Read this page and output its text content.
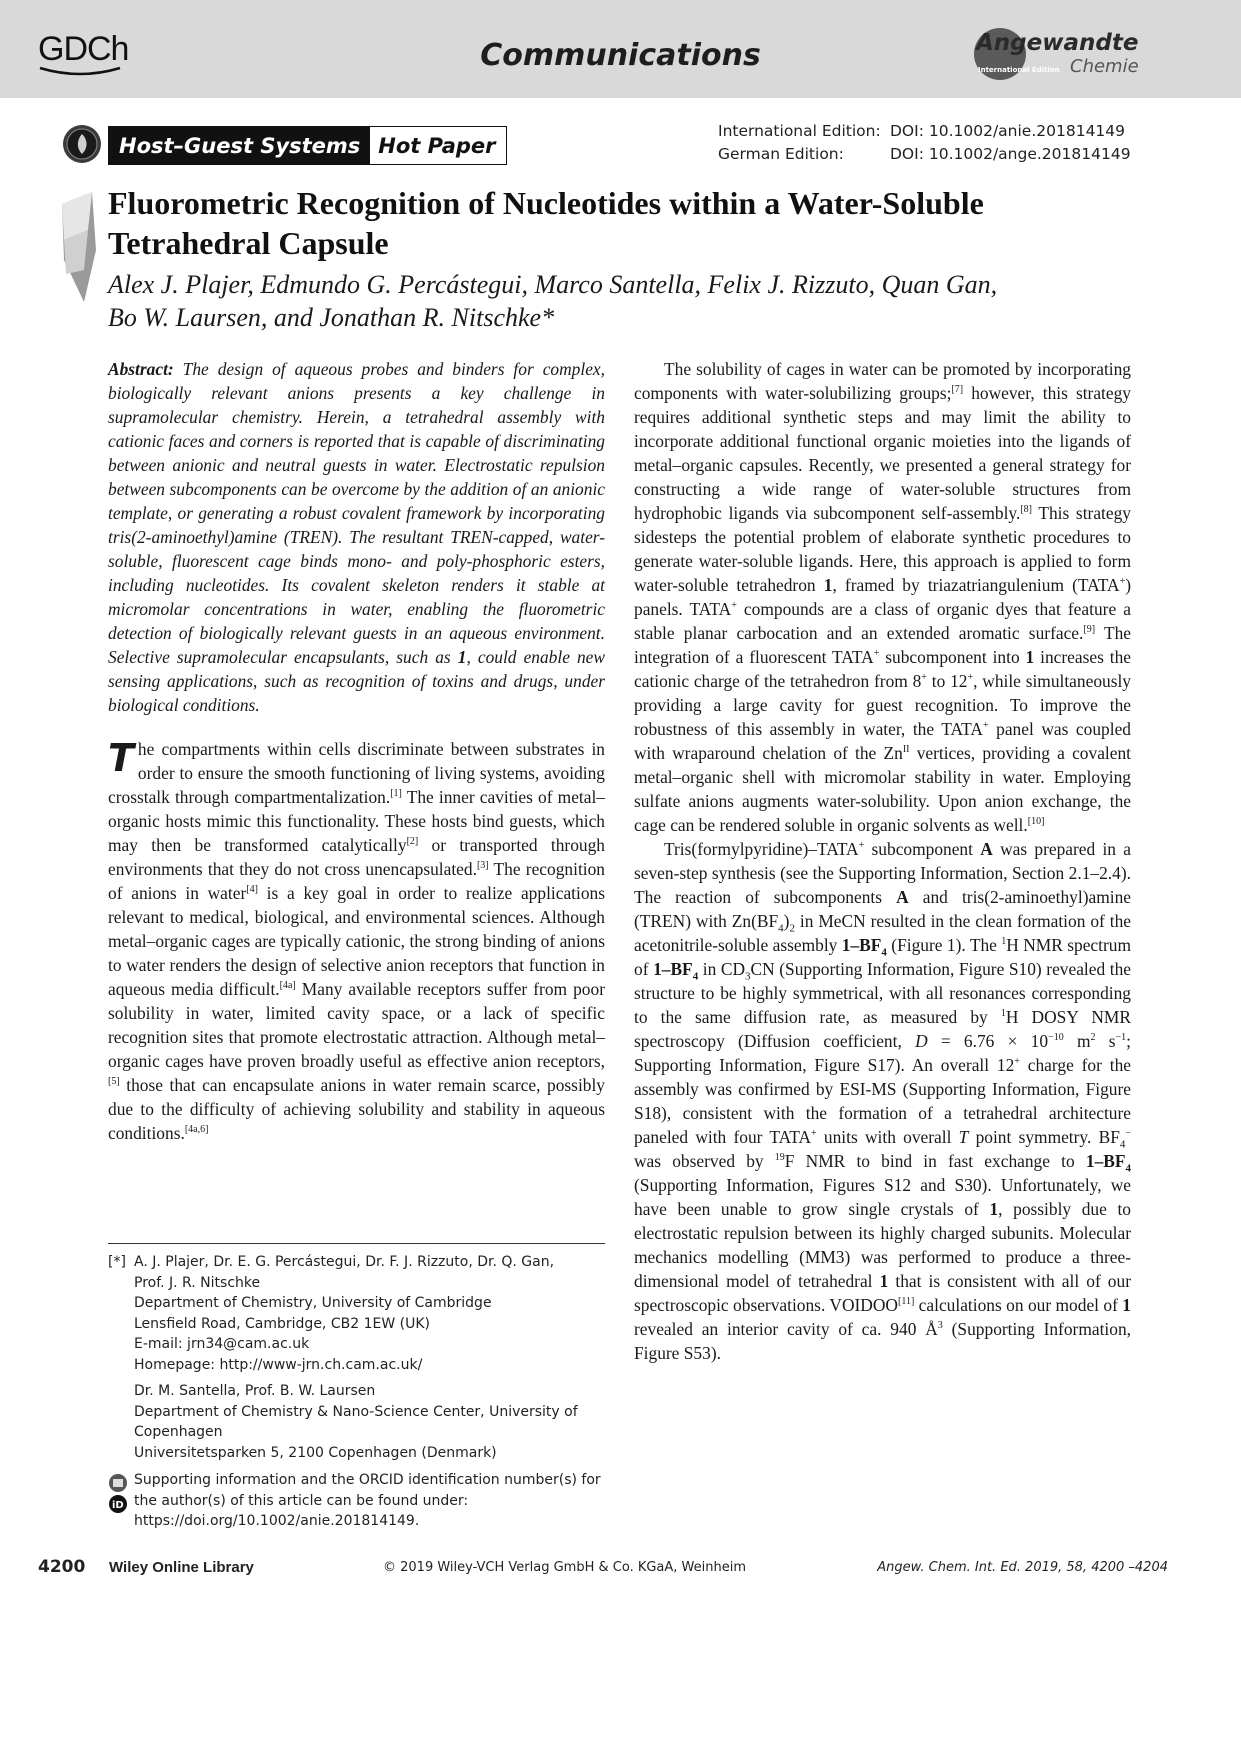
GDCh	Communications	Angewandte
International Edition Chemie
Host–Guest Systems Hot Paper
International Edition: DOI: 10.1002/anie.201814149
German Edition:	DOI: 10.1002/ange.201814149
Fluorometric Recognition of Nucleotides within a Water-Soluble Tetrahedral Capsule
Alex J. Plajer, Edmundo G. Percástegui, Marco Santella, Felix J. Rizzuto, Quan Gan,
Bo W. Laursen, and Jonathan R. Nitschke*

Abstract: The design of aqueous probes and binders for complex, biologically relevant anions presents a key challenge in supramolecular chemistry. Herein, a tetrahedral assembly with cationic faces and corners is reported that is capable of discriminating between anionic and neutral guests in water. Electrostatic repulsion between subcomponents can be overcome by the addition of an anionic template, or generating a robust covalent framework by incorporating tris(2-aminoethyl)amine (TREN). The resultant TREN-capped, water-soluble, fluorescent cage binds mono- and poly-phosphoric esters, including nucleotides. Its covalent skeleton renders it stable at micromolar concentrations in water, enabling the fluorometric detection of biologically relevant guests in an aqueous environment. Selective supramolecular encapsulants, such as 1, could enable new sensing applications, such as recognition of toxins and drugs, under biological conditions.

The compartments within cells discriminate between substrates in order to ensure the smooth functioning of living systems, avoiding crosstalk through compartmentalization.[1] The inner cavities of metal–organic hosts mimic this functionality. These hosts bind guests, which may then be transformed catalytically[2] or transported through environments that they do not cross unencapsulated.[3] The recognition of anions in water[4] is a key goal in order to realize applications relevant to medical, biological, and environmental sciences. Although metal–organic cages are typically cationic, the strong binding of anions to water renders the design of selective anion receptors that function in aqueous media difficult.[4a] Many available receptors suffer from poor solubility in water, limited cavity space, or a lack of specific recognition sites that promote electrostatic attraction. Although metal–organic cages have proven broadly useful as effective anion receptors,[5] those that can encapsulate anions in water remain scarce, possibly due to the difficulty of achieving solubility and stability in aqueous conditions.[4a,6]

[*] A. J. Plajer, Dr. E. G. Percástegui, Dr. F. J. Rizzuto, Dr. Q. Gan,
Prof. J. R. Nitschke
Department of Chemistry, University of Cambridge
Lensfield Road, Cambridge, CB2 1EW (UK)
E-mail: jrn34@cam.ac.uk
Homepage: http://www-jrn.ch.cam.ac.uk/
Dr. M. Santella, Prof. B. W. Laursen
Department of Chemistry & Nano-Science Center, University of
Copenhagen
Universitetsparken 5, 2100 Copenhagen (Denmark)
iD
Supporting information and the ORCID identification number(s) for
the author(s) of this article can be found under:
https://doi.org/10.1002/anie.201814149.

The solubility of cages in water can be promoted by incorporating components with water-solubilizing groups;[7] however, this strategy requires additional synthetic steps and may limit the ability to incorporate additional functional organic moieties into the ligands of metal–organic capsules. Recently, we presented a general strategy for constructing a wide range of water-soluble structures from hydrophobic ligands via subcomponent self-assembly.[8] This strategy sidesteps the potential problem of elaborate synthetic procedures to generate water-soluble ligands. Here, this approach is applied to form water-soluble tetrahedron 1, framed by triazatriangulenium (TATA+) panels. TATA+ compounds are a class of organic dyes that feature a stable planar carbocation and an extended aromatic surface.[9] The integration of a fluorescent TATA+ subcomponent into 1 increases the cationic charge of the tetrahedron from 8+ to 12+, while simultaneously providing a large cavity for guest recognition. To improve the robustness of this assembly in water, the TATA+ panel was coupled with wraparound chelation of the $Zn^{II}$ vertices, providing a covalent metal–organic shell with micromolar stability in water. Employing sulfate anions augments water-solubility. Upon anion exchange, the cage can be rendered soluble in organic solvents as well.[10]

Tris(formylpyridine)–TATA+ subcomponent A was prepared in a seven-step synthesis (see the Supporting Information, Section 2.1–2.4). The reaction of subcomponents A and tris(2-aminoethyl)amine (TREN) with $Zn(BF_4)_2$ in MeCN resulted in the clean formation of the acetonitrile-soluble assembly $1-BF_4$ (Figure 1). The $^1$H NMR spectrum of $1-BF_4$ in $CD_3CN$ (Supporting Information, Figure S10) revealed the structure to be highly symmetrical, with all resonances corresponding to the same diffusion rate, as measured by $^1$H DOSY NMR spectroscopy (Diffusion coefficient, $D = 6.76 \times 10^{-10}$ $m^2$ $s^{-1}$; Supporting Information, Figure S17). An overall 12+ charge for the assembly was confirmed by ESI-MS (Supporting Information, Figure S18), consistent with the formation of a tetrahedral architecture paneled with four TATA+ units with overall T point symmetry. $BF_4^-$ was observed by $^{19}$F NMR to bind in fast exchange to $1-BF_4$ (Supporting Information, Figures S12 and S30). Unfortunately, we have been unable to grow single crystals of 1, possibly due to electrostatic repulsion between its highly charged subunits. Molecular mechanics modelling (MM3) was performed to produce a three-dimensional model of tetrahedral 1 that is consistent with all of our spectroscopic observations. VOIDOO[11] calculations on our model of 1 revealed an interior cavity of ca. 940 $Å^3$ (Supporting Information, Figure S53).

4200 Wiley Online Library	© 2019 Wiley-VCH Verlag GmbH & Co. KGaA, Weinheim	Angew. Chem. Int. Ed. 2019, 58, 4200 –4204
